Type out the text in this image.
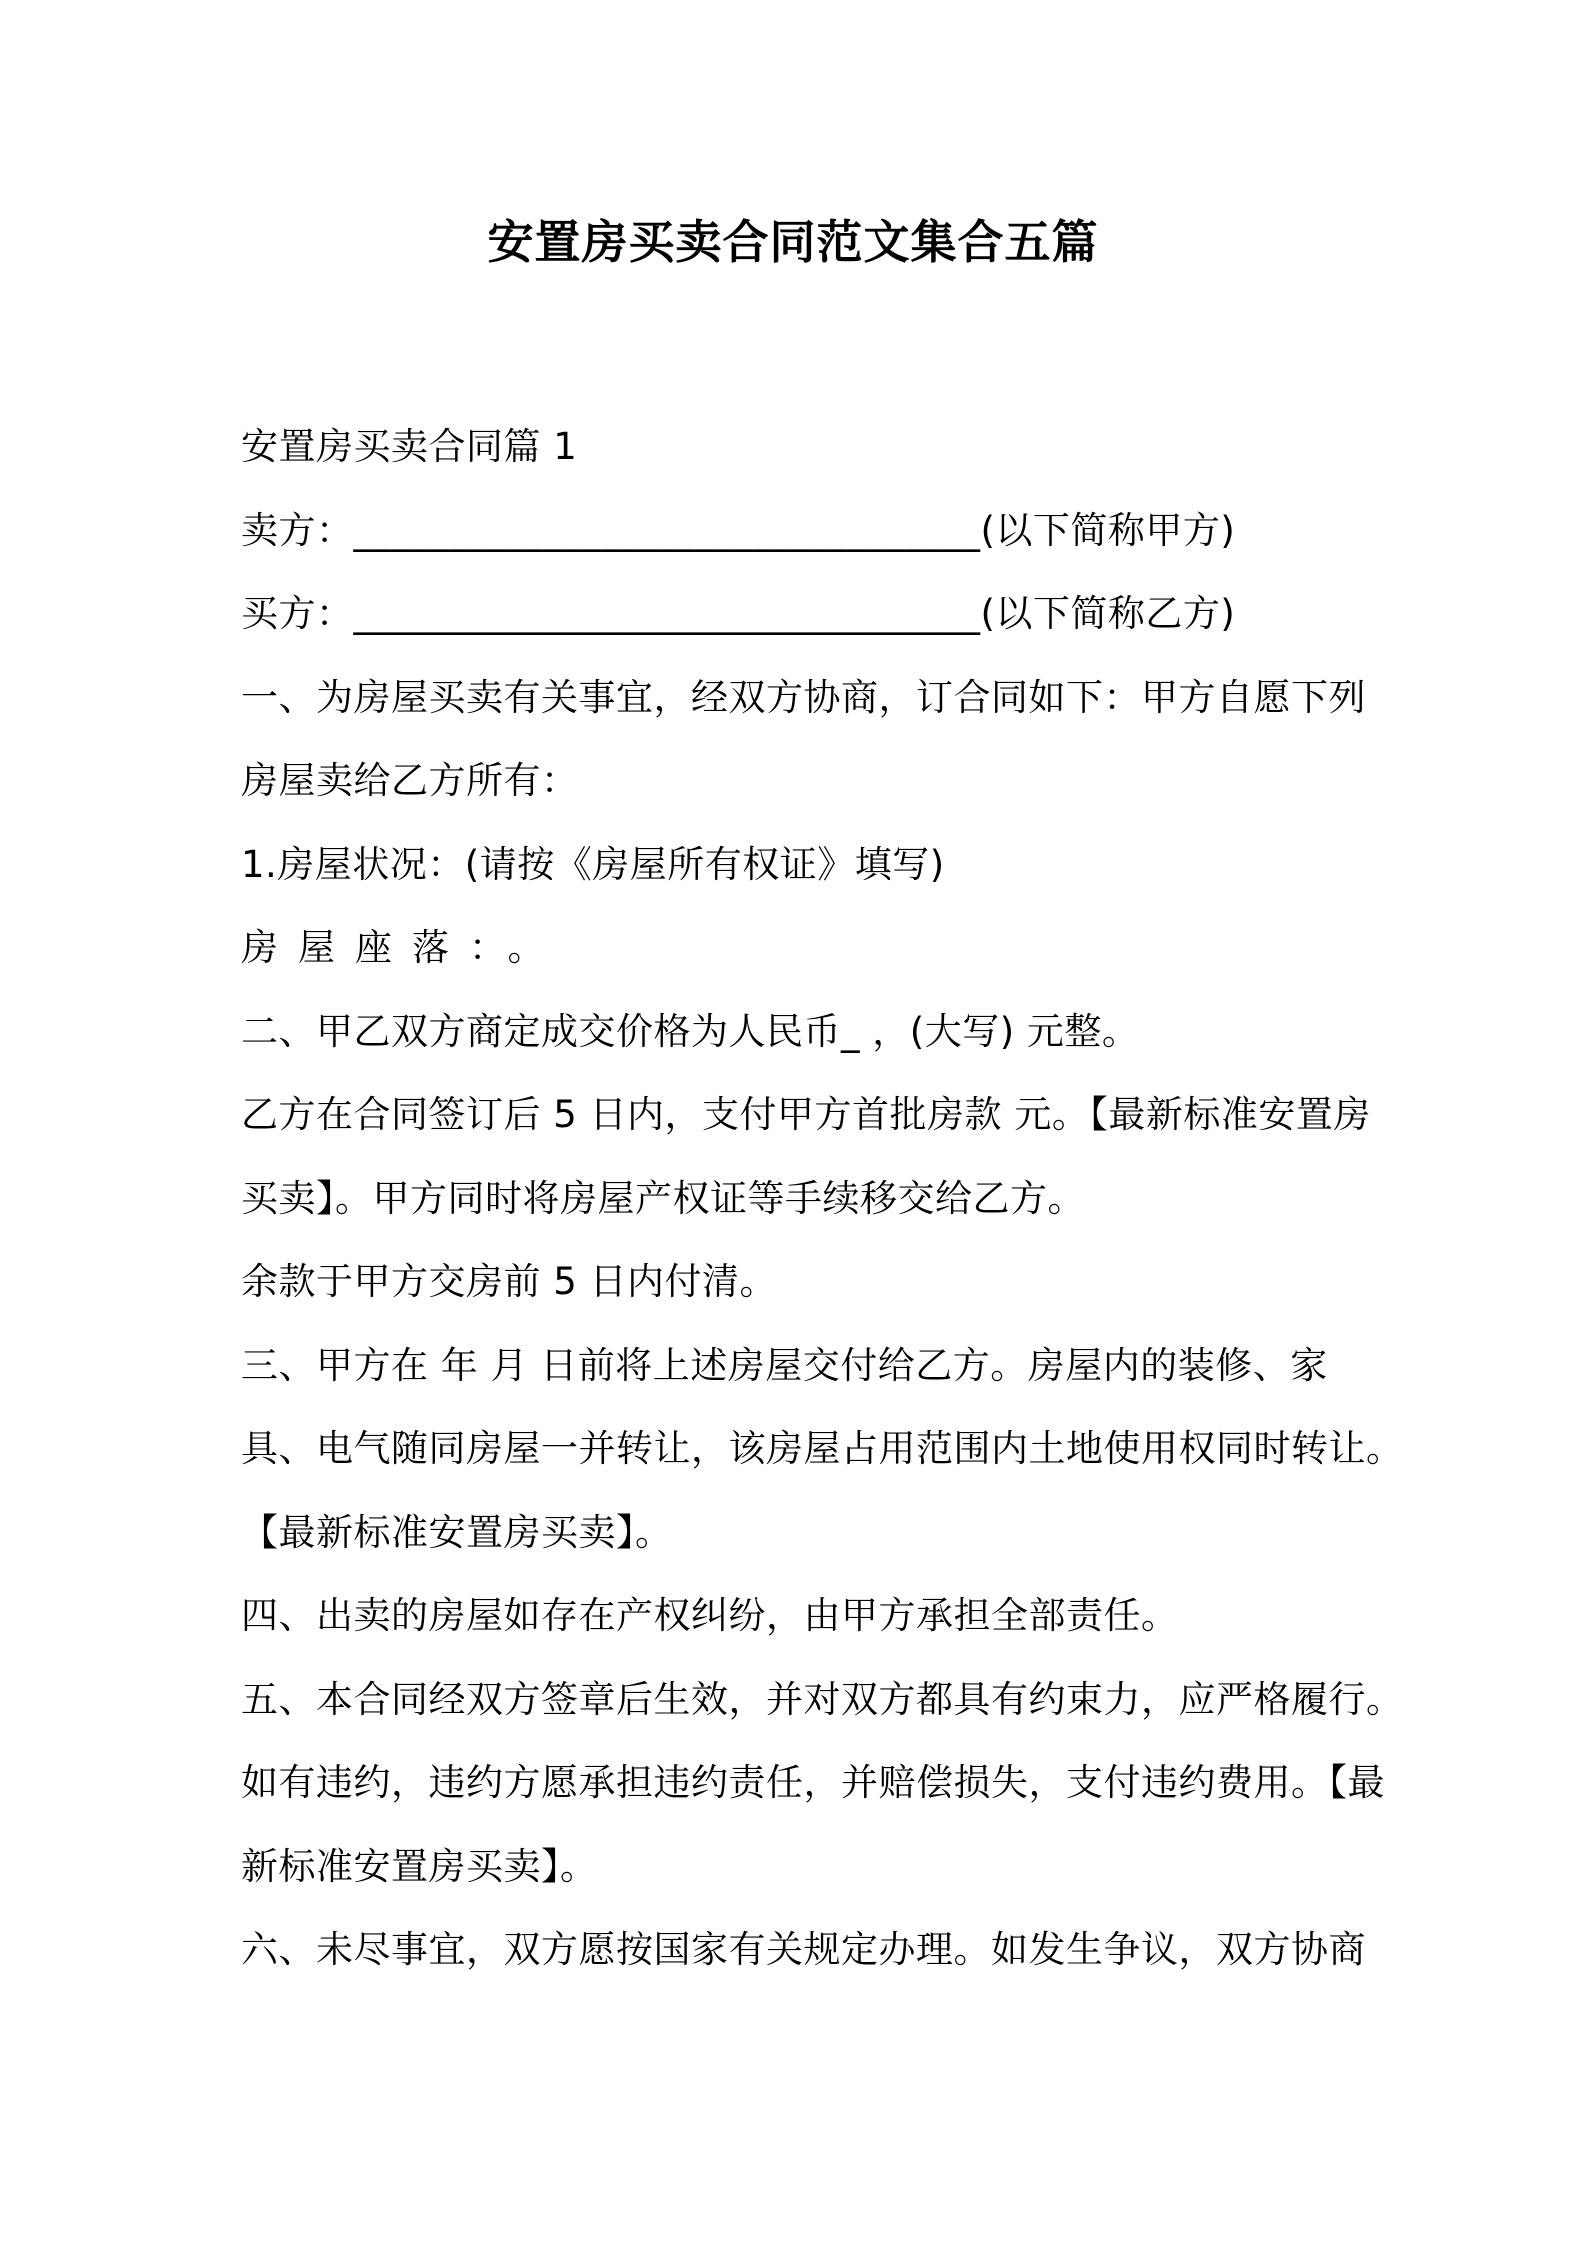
安置房买卖合同范文集合五篇
安置房买卖合同篇 1
卖方：_________________________________(以下简称甲方)
买方：_________________________________(以下简称乙方)
一、为房屋买卖有关事宜，经双方协商，订合同如下：甲方自愿下列
房屋卖给乙方所有：
1.房屋状况：(请按《房屋所有权证》填写)
房屋座落：。
二、甲乙双方商定成交价格为人民币_ ，(大写) 元整。
乙方在合同签订后 5 日内，支付甲方首批房款 元。【最新标准安置房
买卖】。甲方同时将房屋产权证等手续移交给乙方。
余款于甲方交房前 5 日内付清。
三、甲方在 年 月 日前将上述房屋交付给乙方。房屋内的装修、家
具、电气随同房屋一并转让，该房屋占用范围内土地使用权同时转让。
【最新标准安置房买卖】。
四、出卖的房屋如存在产权纠纷，由甲方承担全部责任。
五、本合同经双方签章后生效，并对双方都具有约束力，应严格履行。
如有违约，违约方愿承担违约责任，并赔偿损失，支付违约费用。【最
新标准安置房买卖】。
六、未尽事宜，双方愿按国家有关规定办理。如发生争议，双方协商
